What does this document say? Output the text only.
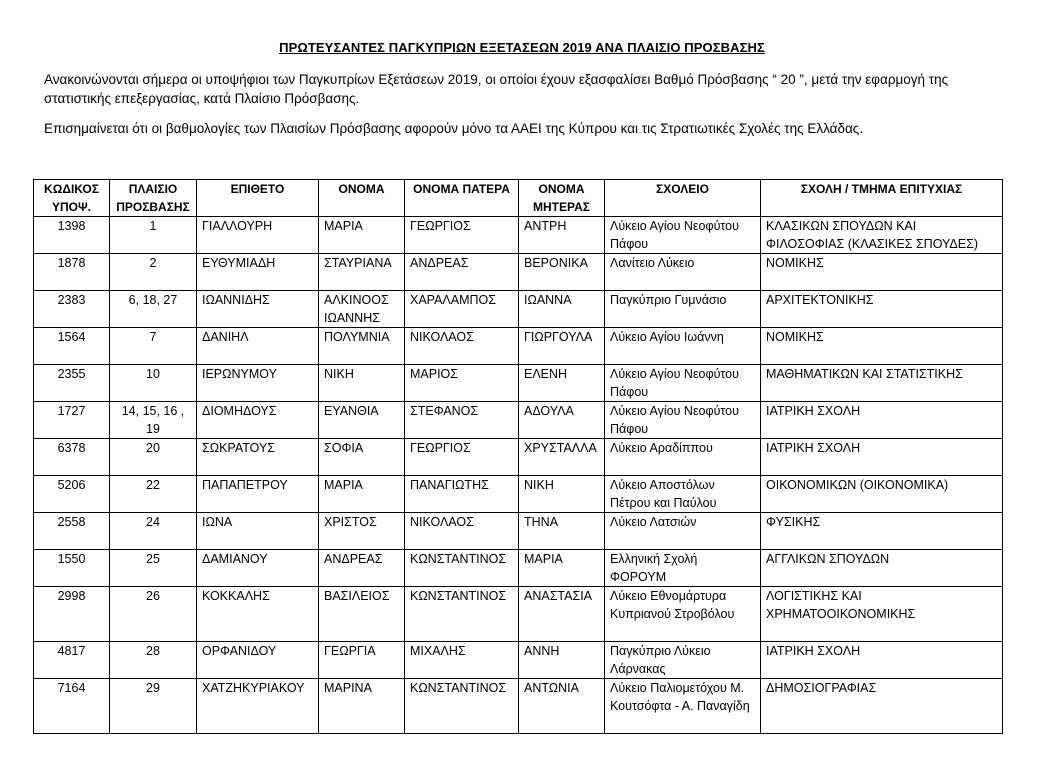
ΠΡΩΤΕΥΣΑΝΤΕΣ ΠΑΓΚΥΠΡΙΩΝ ΕΞΕΤΑΣΕΩΝ 2019 ΑΝΑ ΠΛΑΙΣΙΟ ΠΡΟΣΒΑΣΗΣ
Ανακοινώνονται σήμερα οι υποψήφιοι των Παγκυπρίων Εξετάσεων 2019, οι οποίοι έχουν εξασφαλίσει Βαθμό Πρόσβασης “ 20 ”, μετά την εφαρμογή της στατιστικής επεξεργασίας, κατά Πλαίσιο Πρόσβασης.
Επισημαίνεται ότι οι βαθμολογίες των Πλαισίων Πρόσβασης αφορούν μόνο τα ΑΑΕΙ της Κύπρου και τις Στρατιωτικές Σχολές της Ελλάδας.
ΚΩΔΙΚΟΣ ΥΠΟΨ.	ΠΛΑΙΣΙΟ ΠΡΟΣΒΑΣΗΣ	ΕΠΙΘΕΤΟ	ΟΝΟΜΑ	ΟΝΟΜΑ ΠΑΤΕΡΑ	ΟΝΟΜΑ ΜΗΤΕΡΑΣ	ΣΧΟΛΕΙΟ	ΣΧΟΛΗ / ΤΜΗΜΑ ΕΠΙΤΥΧΙΑΣ
1398	1	ΓΙΑΛΛΟΥΡΗ	ΜΑΡΙΑ	ΓΕΩΡΓΙΟΣ	ΑΝΤΡΗ	Λύκειο Αγίου Νεοφύτου Πάφου	ΚΛΑΣΙΚΩΝ ΣΠΟΥΔΩΝ ΚΑΙ ΦΙΛΟΣΟΦΙΑΣ (ΚΛΑΣΙΚΕΣ ΣΠΟΥΔΕΣ)
1878	2	ΕΥΘΥΜΙΑΔΗ	ΣΤΑΥΡΙΑΝΑ	ΑΝΔΡΕΑΣ	ΒΕΡΟΝΙΚΑ	Λανίτειο Λύκειο	ΝΟΜΙΚΗΣ
2383	6, 18, 27	ΙΩΑΝΝΙΔΗΣ	ΑΛΚΙΝΟΟΣ ΙΩΑΝΝΗΣ	ΧΑΡΑΛΑΜΠΟΣ	ΙΩΑΝΝΑ	Παγκύπριο Γυμνάσιο	ΑΡΧΙΤΕΚΤΟΝΙΚΗΣ
1564	7	ΔΑΝΙΗΛ	ΠΟΛΥΜΝΙΑ	ΝΙΚΟΛΑΟΣ	ΓΙΩΡΓΟΥΛΑ	Λύκειο Αγίου Ιωάννη	ΝΟΜΙΚΗΣ
2355	10	ΙΕΡΩΝΥΜΟΥ	ΝΙΚΗ	ΜΑΡΙΟΣ	ΕΛΕΝΗ	Λύκειο Αγίου Νεοφύτου Πάφου	ΜΑΘΗΜΑΤΙΚΩΝ ΚΑΙ ΣΤΑΤΙΣΤΙΚΗΣ
1727	14, 15, 16 , 19	ΔΙΟΜΗΔΟΥΣ	ΕΥΑΝΘΙΑ	ΣΤΕΦΑΝΟΣ	ΑΔΟΥΛΑ	Λύκειο Αγίου Νεοφύτου Πάφου	ΙΑΤΡΙΚΗ ΣΧΟΛΗ
6378	20	ΣΩΚΡΑΤΟΥΣ	ΣΟΦΙΑ	ΓΕΩΡΓΙΟΣ	ΧΡΥΣΤΑΛΛΑ	Λύκειο Αραδίππου	ΙΑΤΡΙΚΗ ΣΧΟΛΗ
5206	22	ΠΑΠΑΠΕΤΡΟΥ	ΜΑΡΙΑ	ΠΑΝΑΓΙΩΤΗΣ	ΝΙΚΗ	Λύκειο Αποστόλων Πέτρου και Παύλου	ΟΙΚΟΝΟΜΙΚΩΝ (ΟΙΚΟΝΟΜΙΚΑ)
2558	24	ΙΩΝΑ	ΧΡΙΣΤΟΣ	ΝΙΚΟΛΑΟΣ	ΤΗΝΑ	Λύκειο Λατσιών	ΦΥΣΙΚΗΣ
1550	25	ΔΑΜΙΑΝΟΥ	ΑΝΔΡΕΑΣ	ΚΩΝΣΤΑΝΤΙΝΟΣ	ΜΑΡΙΑ	Ελληνική Σχολή ΦΟΡΟΥΜ	ΑΓΓΛΙΚΩΝ ΣΠΟΥΔΩΝ
2998	26	ΚΟΚΚΑΛΗΣ	ΒΑΣΙΛΕΙΟΣ	ΚΩΝΣΤΑΝΤΙΝΟΣ	ΑΝΑΣΤΑΣΙΑ	Λύκειο Εθνομάρτυρα Κυπριανού Στροβόλου	ΛΟΓΙΣΤΙΚΗΣ ΚΑΙ ΧΡΗΜΑΤΟΟΙΚΟΝΟΜΙΚΗΣ
4817	28	ΟΡΦΑΝΙΔΟΥ	ΓΕΩΡΓΙΑ	ΜΙΧΑΛΗΣ	ΑΝΝΗ	Παγκύπριο Λύκειο Λάρνακας	ΙΑΤΡΙΚΗ ΣΧΟΛΗ
7164	29	ΧΑΤΖΗΚΥΡΙΑΚΟΥ	ΜΑΡΙΝΑ	ΚΩΝΣΤΑΝΤΙΝΟΣ	ΑΝΤΩΝΙΑ	Λύκειο Παλιομετόχου Μ. Κουτσόφτα - Α. Παναγίδη	ΔΗΜΟΣΙΟΓΡΑΦΙΑΣ
